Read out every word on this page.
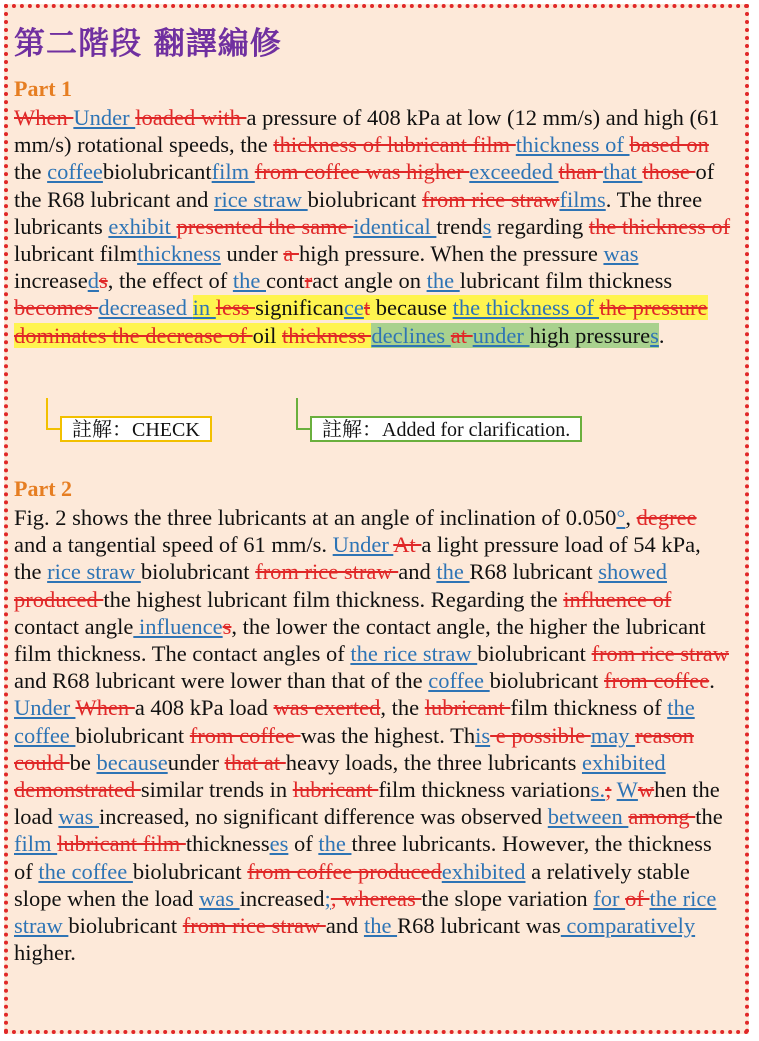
第二階段 翻譯編修
Part 1
When Under loaded with a pressure of 408 kPa at low (12 mm/s) and high (61 mm/s) rotational speeds, the thickness of lubricant film thickness of based on the coffeebiolubricantfilm from coffee was higher exceeded than that those of the R68 lubricant and rice straw biolubricant from rice strawfilms. The three lubricants exhibit presented the same identical trends regarding the thickness of lubricant filmthickness under a high pressure. When the pressure was increaseds, the effect of the contract angle on the lubricant film thickness becomes decreased in less significancet because the thickness of the pressure dominates the decrease of oil thickness declines at under high pressures.
註解：CHECK	註解：Added for clarification.
Part 2
Fig. 2 shows the three lubricants at an angle of inclination of 0.050°, degree and a tangential speed of 61 mm/s. Under At a light pressure load of 54 kPa, the rice straw biolubricant from rice straw and the R68 lubricant showed produced the highest lubricant film thickness. Regarding the influence of contact angle influences, the lower the contact angle, the higher the lubricant film thickness. The contact angles of the rice straw biolubricant from rice straw and R68 lubricant were lower than that of the coffee biolubricant from coffee. Under When a 408 kPa load was exerted, the lubricant film thickness of the coffee biolubricant from coffee was the highest. This e possible may reason could be becauseunder that at heavy loads, the three lubricants exhibited demonstrated similar trends in lubricant film thickness variations.; Wwhen the load was increased, no significant difference was observed between among the film lubricant film thicknesses of the three lubricants. However, the thickness of the coffee biolubricant from coffee producedexhibited a relatively stable slope when the load was increased;, whereas the slope variation for of the rice straw biolubricant from rice straw and the R68 lubricant was comparatively higher.
